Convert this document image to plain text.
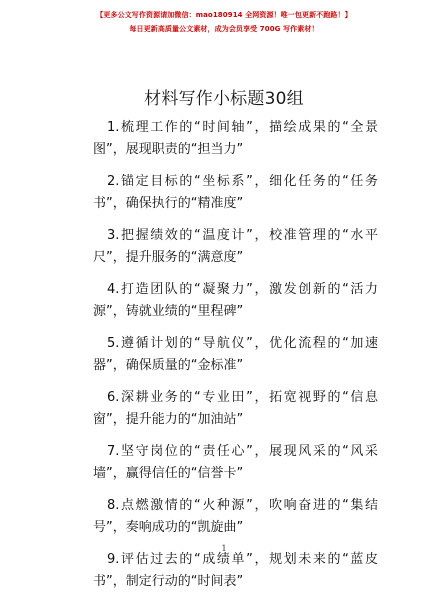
【更多公文写作资源请加微信：mao180914 全网资源！唯一包更新不跑路！】
每日更新高质量公文素材，成为会员享受 700G 写作素材！
材料写作小标题30组
1.梳理工作的“时间轴”，描绘成果的“全景图”，展现职责的“担当力”
2.锚定目标的“坐标系”，细化任务的“任务书”，确保执行的“精准度”
3.把握绩效的“温度计”，校准管理的“水平尺”，提升服务的“满意度”
4.打造团队的“凝聚力”，激发创新的“活力源”，铸就业绩的“里程碑”
5.遵循计划的“导航仪”，优化流程的“加速器”，确保质量的“金标准”
6.深耕业务的“专业田”，拓宽视野的“信息窗”，提升能力的“加油站”
7.坚守岗位的“责任心”，展现风采的“风采墙”，赢得信任的“信誉卡”
8.点燃激情的“火种源”，吹响奋进的“集结号”，奏响成功的“凯旋曲”
9.评估过去的“成绩单”，规划未来的“蓝皮书”，制定行动的“时间表”
1
